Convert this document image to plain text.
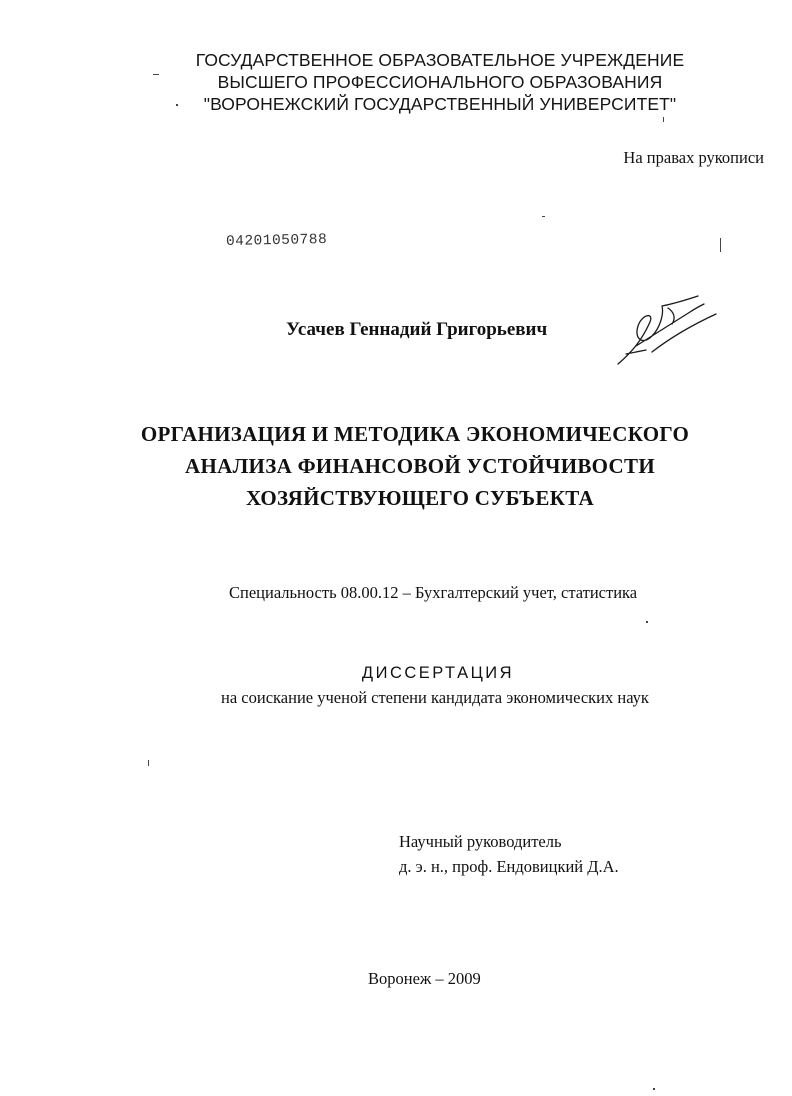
ГОСУДАРСТВЕННОЕ ОБРАЗОВАТЕЛЬНОЕ УЧРЕЖДЕНИЕ
ВЫСШЕГО ПРОФЕССИОНАЛЬНОГО ОБРАЗОВАНИЯ
"ВОРОНЕЖСКИЙ ГОСУДАРСТВЕННЫЙ УНИВЕРСИТЕТ"
На правах рукописи
04201050788
Усачев Геннадий Григорьевич
ОРГАНИЗАЦИЯ И МЕТОДИКА ЭКОНОМИЧЕСКОГО
АНАЛИЗА ФИНАНСОВОЙ УСТОЙЧИВОСТИ
ХОЗЯЙСТВУЮЩЕГО СУБЪЕКТА
Специальность 08.00.12 – Бухгалтерский учет, статистика
ДИССЕРТАЦИЯ
на соискание ученой степени кандидата экономических наук
Научный руководитель
д. э. н., проф. Ендовицкий Д.А.
Воронеж – 2009
